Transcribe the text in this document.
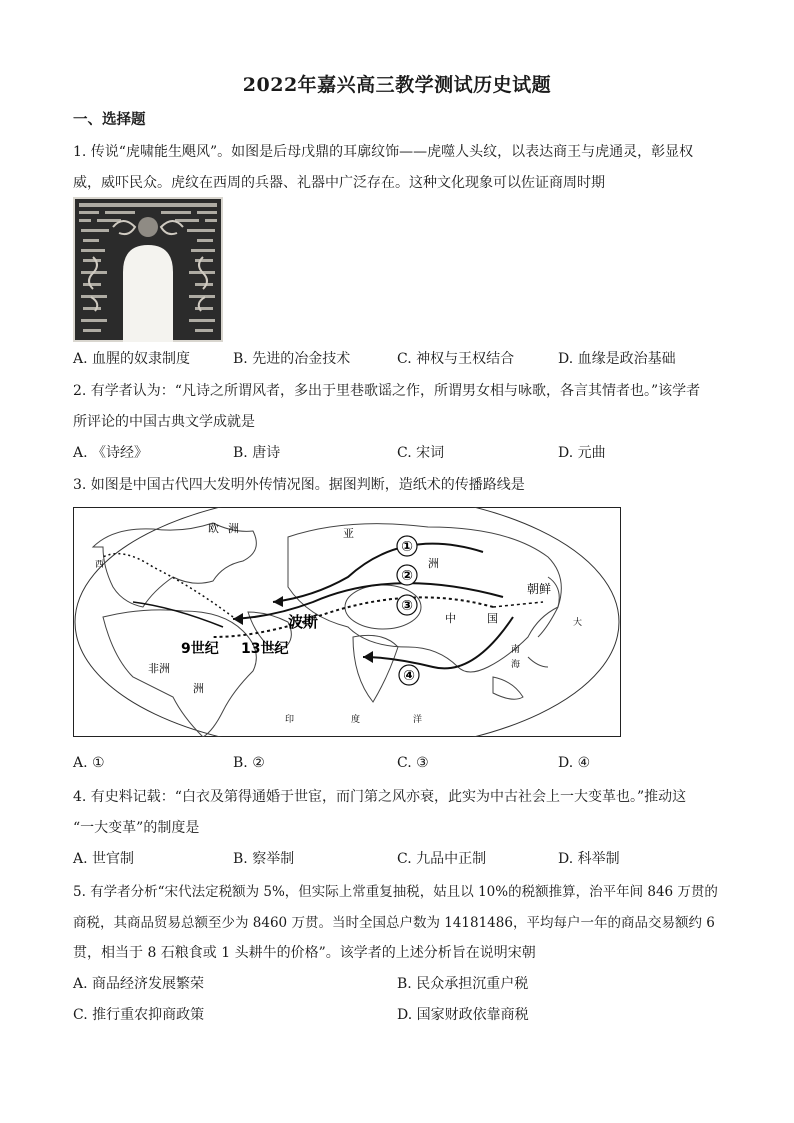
2022年嘉兴高三教学测试历史试题
一、选择题
1. 传说“虎啸能生飓风”。如图是后母戊鼎的耳廓纹饰——虎噬人头纹，以表达商王与虎通灵，彰显权
威，威吓民众。虎纹在西周的兵器、礼器中广泛存在。这种文化现象可以佐证商周时期
A. 血腥的奴隶制度	B. 先进的冶金技术	C. 神权与王权结合	D. 血缘是政治基础
2. 有学者认为：“凡诗之所谓风者，多出于里巷歌谣之作，所谓男女相与咏歌，各言其情者也。”该学者
所评论的中国古典文学成就是
A. 《诗经》	B. 唐诗	C. 宋词	D. 元曲
3. 如图是中国古代四大发明外传情况图。据图判断，造纸术的传播路线是
①
②
③
④
欧 洲	亚
洲
波斯
9世纪 13世纪
非洲
洲
中	国
朝鲜
大
印	度	洋
南
海
西
A. ①	B. ②	C. ③	D. ④
4. 有史料记载：“白衣及第得通婚于世宦，而门第之风亦衰，此实为中古社会上一大变革也。”推动这
“一大变革”的制度是
A. 世官制	B. 察举制	C. 九品中正制	D. 科举制
5. 有学者分析“宋代法定税额为 5%，但实际上常重复抽税，姑且以 10%的税额推算，治平年间 846 万贯的
商税，其商品贸易总额至少为 8460 万贯。当时全国总户数为 14181486，平均每户一年的商品交易额约 6
贯，相当于 8 石粮食或 1 头耕牛的价格”。该学者的上述分析旨在说明宋朝
A. 商品经济发展繁荣	B. 民众承担沉重户税
C. 推行重农抑商政策	D. 国家财政依靠商税
